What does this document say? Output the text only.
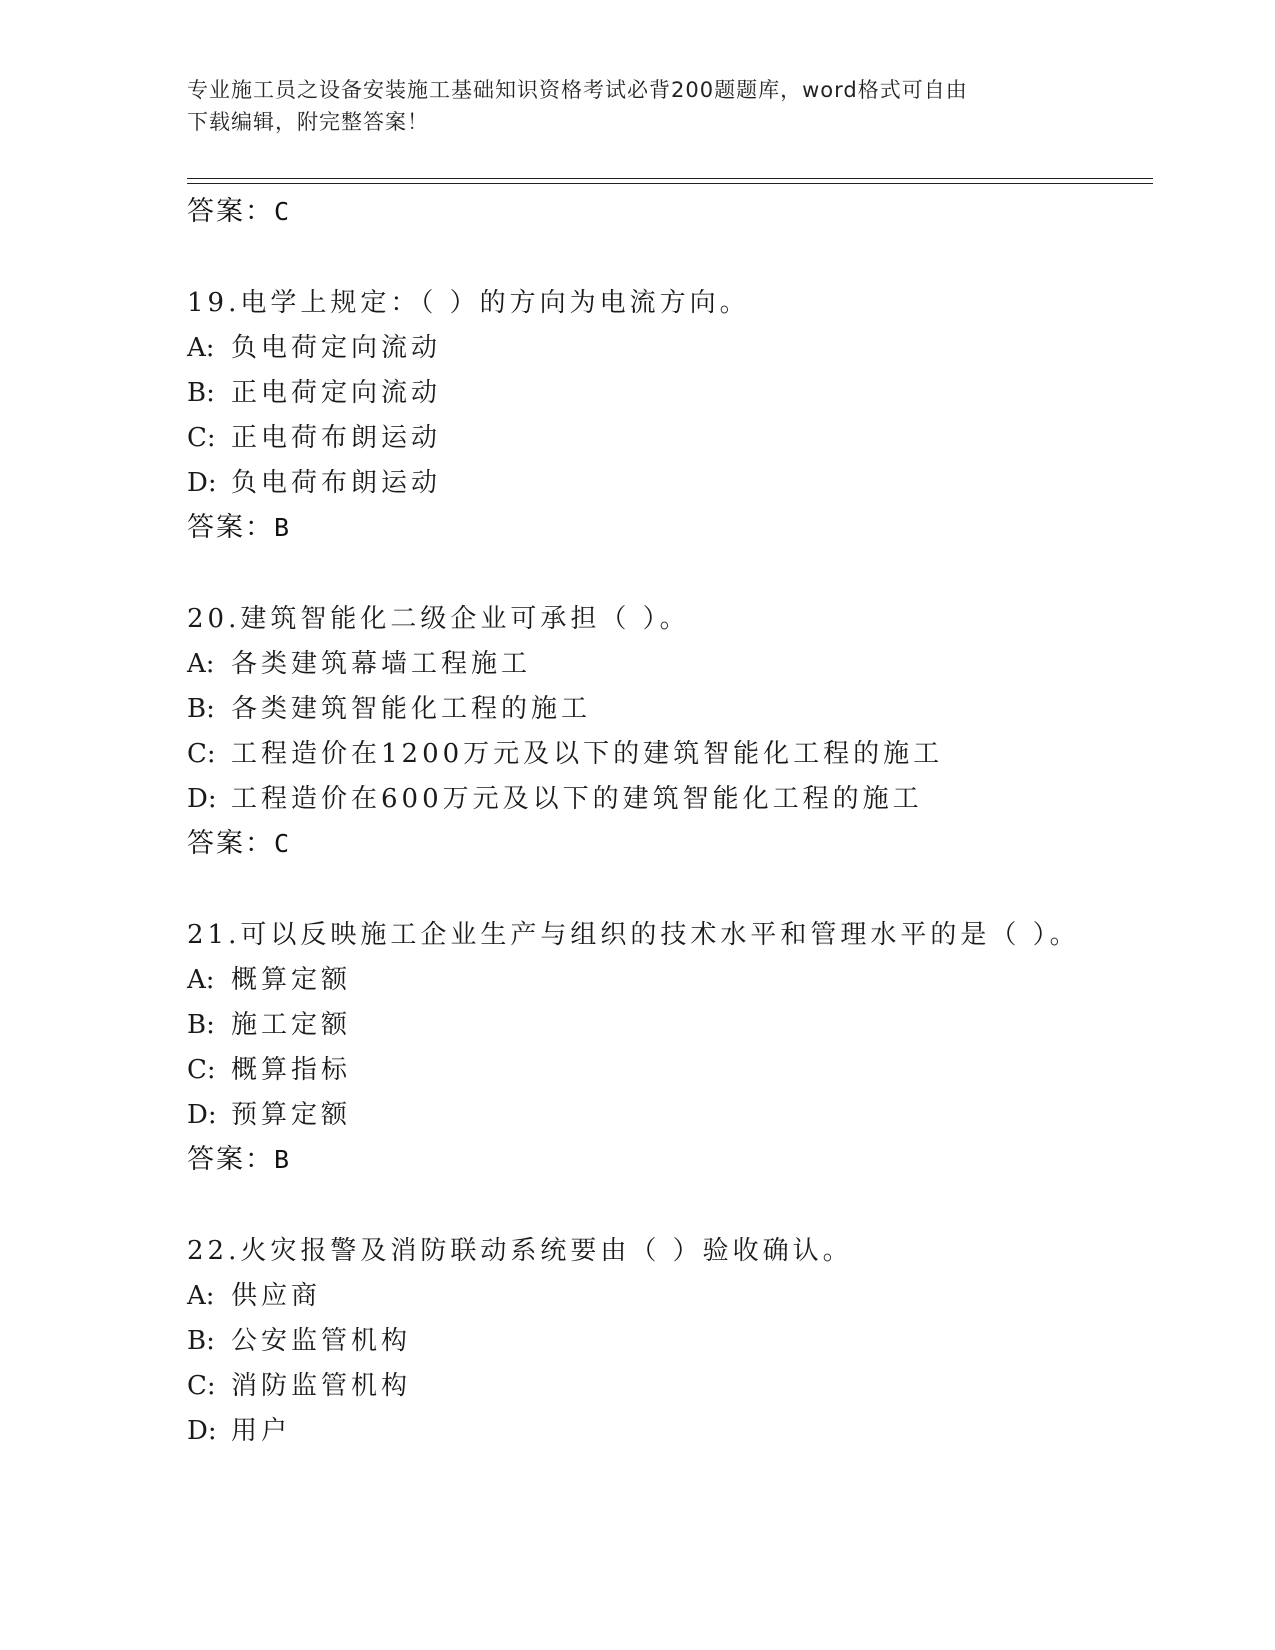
专业施工员之设备安装施工基础知识资格考试必背200题题库，word格式可自由
下载编辑，附完整答案！
答案：C
19.电学上规定：（ ）的方向为电流方向。
A: 负电荷定向流动
B: 正电荷定向流动
C: 正电荷布朗运动
D: 负电荷布朗运动
答案：B
20.建筑智能化二级企业可承担（ ）。
A: 各类建筑幕墙工程施工
B: 各类建筑智能化工程的施工
C: 工程造价在1200万元及以下的建筑智能化工程的施工
D: 工程造价在600万元及以下的建筑智能化工程的施工
答案：C
21.可以反映施工企业生产与组织的技术水平和管理水平的是（ ）。
A: 概算定额
B: 施工定额
C: 概算指标
D: 预算定额
答案：B
22.火灾报警及消防联动系统要由（ ）验收确认。
A: 供应商
B: 公安监管机构
C: 消防监管机构
D: 用户
